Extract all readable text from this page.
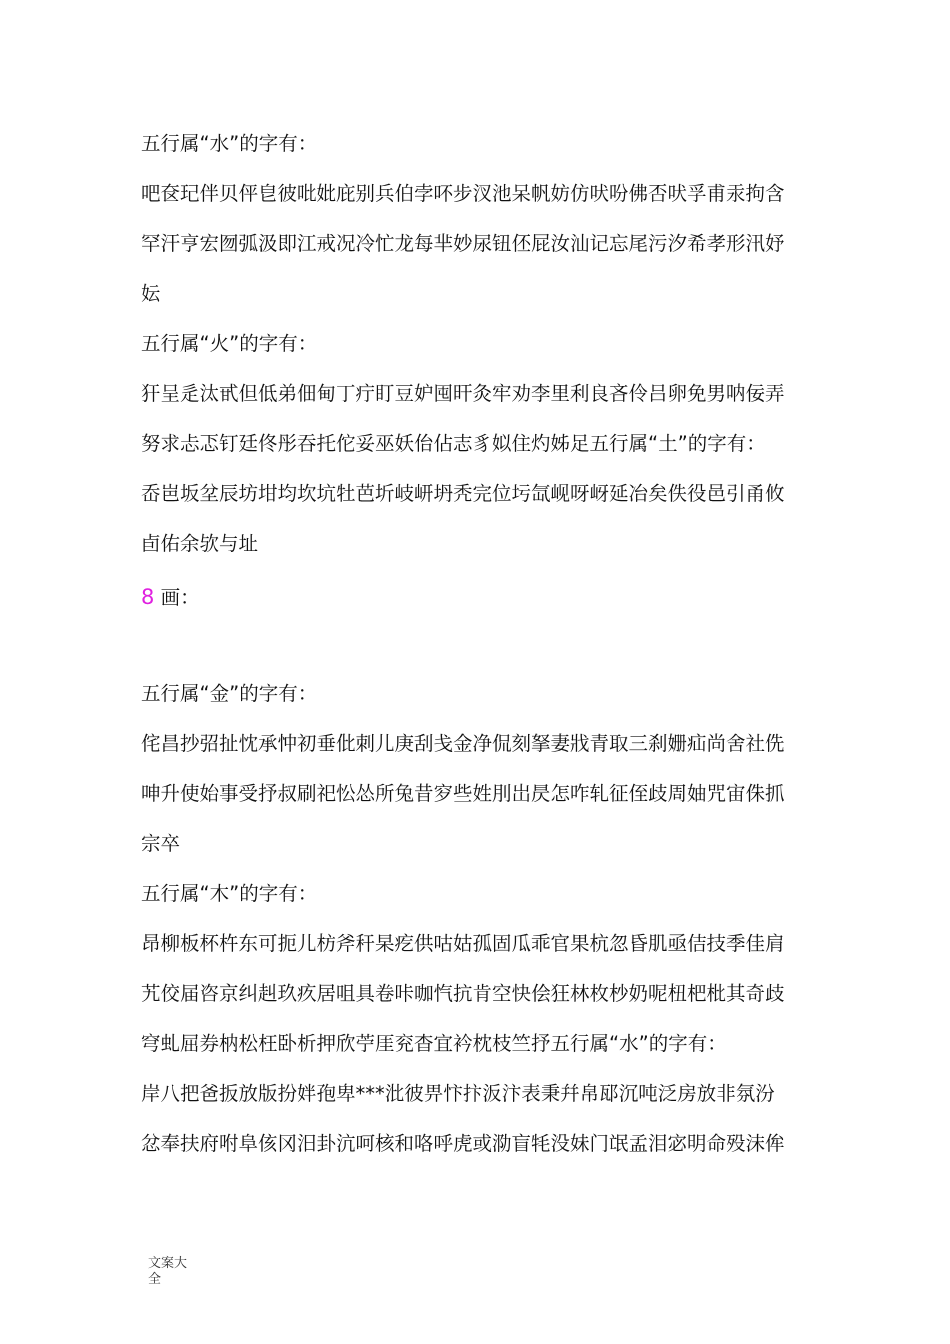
五行属“水”的字有：
吧奁玘伴贝伻皀彼吡妣庇别兵伯孛吥步汊池呆帆妨仿吠吩佛否吠孚甫汞拘含
罕汗亨宏囫弧汲即江戒况冷忙龙每芈妙尿钮伾屁汝汕记忘尾污汐希孝形汛妤
妘
五行属“火”的字有：
犴呈辵汰甙但低弟佃甸丁疔盯豆妒囤旰灸牢劝李里利良吝伶吕卵免男呐佞弄
努求忐忑钉廷佟彤吞托佗妥巫妖佁佔志豸姒住灼姊足五行属“土”的字有：
岙岜坂坌辰坊坩均坎坑牡芭圻岐岍坍秃完位圬氙岘呀岈延冶矣佚役邑引甬攸
卣佑余欤与址
8 画：
五行属“金”的字有：
侘昌抄弨扯忱承忡初垂仳刺儿庚刮戋金净侃刻拏妻戕青取三刹姗疝尚舍社侁
呻升使始事受抒叔刷祀忪怂所兔昔穸些姓刖岀昃怎咋轧征侄歧周妯咒宙侏抓
宗卒
五行属“木”的字有：
昂柳板杯杵东可扼儿枋斧秆杲疙供咕姑孤固瓜乖官果杭忽昏肌亟佶技季佳肩
艽佼届咨京纠赳玖疚居咀具卷咔咖忾抗肯空快侩狂林枚杪奶呢杻杷枇其奇歧
穹虬屈券枘松枉卧析押欣苧厓兖杳宜衿枕枝竺抒五行属“水”的字有：
岸八把爸扳放版扮姅孢卑***沘彼畀忭抃汳汴表秉幷帛邷沉吨泛房放非氛汾
忿奉扶府咐阜侅冈汨卦沆呵核和咯呼虎或泐盲牦没妹门氓孟泪宓明命殁沫侔
文案大全
